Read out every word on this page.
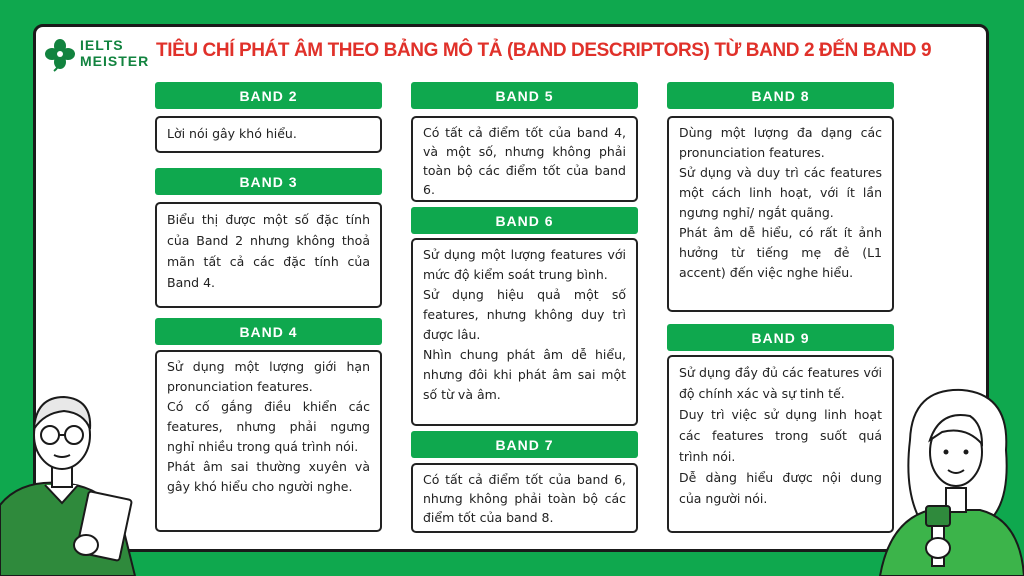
IELTS
MEISTER TIÊU CHÍ PHÁT ÂM THEO BẢNG MÔ TẢ (BAND DESCRIPTORS) TỪ BAND 2 ĐẾN BAND 9
BAND 2

Lời nói gây khó hiểu.

BAND 3

Biểu thị được một số đặc tính của Band 2 nhưng không thoả mãn tất cả các đặc tính của Band 4.

BAND 4

Sử dụng một lượng giới hạn pronunciation features.

Có cố gắng điều khiển các features, nhưng phải ngưng nghỉ nhiều trong quá trình nói.

Phát âm sai thường xuyên và gây khó hiểu cho người nghe.

BAND 5

Có tất cả điểm tốt của band 4, và một số, nhưng không phải toàn bộ các điểm tốt của band 6.

BAND 6

Sử dụng một lượng features với mức độ kiểm soát trung bình.

Sử dụng hiệu quả một số features, nhưng không duy trì được lâu.

Nhìn chung phát âm dễ hiểu, nhưng đôi khi phát âm sai một số từ và âm.

BAND 7

Có tất cả điểm tốt của band 6, nhưng không phải toàn bộ các điểm tốt của band 8.

BAND 8

Dùng một lượng đa dạng các pronunciation features.

Sử dụng và duy trì các features một cách linh hoạt, với ít lần ngưng nghỉ/ ngắt quãng.

Phát âm dễ hiểu, có rất ít ảnh hưởng từ tiếng mẹ đẻ (L1 accent) đến việc nghe hiểu.

BAND 9

Sử dụng đầy đủ các features với độ chính xác và sự tinh tế.

Duy trì việc sử dụng linh hoạt các features trong suốt quá trình nói.

Dễ dàng hiểu được nội dung của người nói.
